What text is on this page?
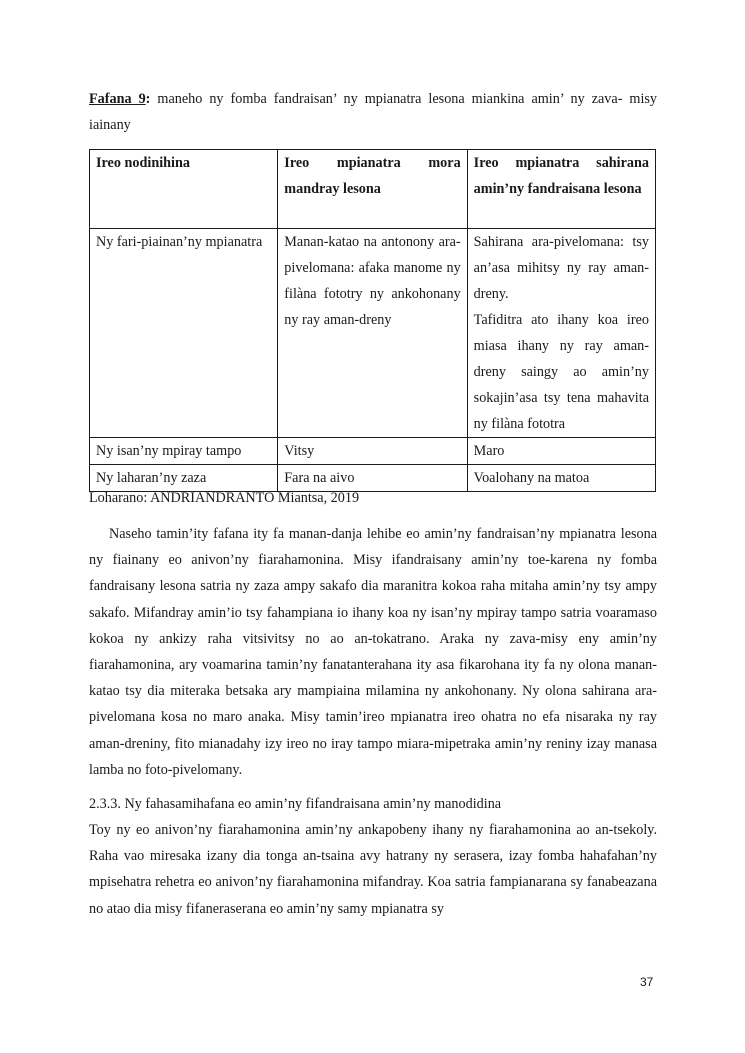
Fafana 9: maneho ny fomba fandraisan’ ny mpianatra lesona miankina amin’ ny zava- misy iainany
Ireo nodinihina	Ireo mpianatra mora mandray lesona	Ireo mpianatra sahirana amin’ny fandraisana lesona
Ny fari-piainan’ny mpianatra	Manan-katao na antonony ara-pivelomana: afaka manome ny filàna fototry ny ankohonany ny ray aman-dreny	Sahirana ara-pivelomana: tsy an’asa mihitsy ny ray aman-dreny.
Tafiditra ato ihany koa ireo miasa ihany ny ray aman-dreny saingy ao amin’ny sokajin’asa tsy tena mahavita ny filàna fototra

Ny isan’ny mpiray tampo	Vitsy	Maro
Ny laharan’ny zaza	Fara na aivo	Voalohany na matoa
Loharano: ANDRIANDRANTO Miantsa, 2019

Naseho tamin’ity fafana ity fa manan-danja lehibe eo amin’ny fandraisan’ny mpianatra lesona ny fiainany eo anivon’ny fiarahamonina. Misy ifandraisany amin’ny toe-karena ny fomba fandraisany lesona satria ny zaza ampy sakafo dia maranitra kokoa raha mitaha amin’ny tsy ampy sakafo. Mifandray amin’io tsy fahampiana io ihany koa ny isan’ny mpiray tampo satria voaramaso kokoa ny ankizy raha vitsivitsy no ao an-tokatrano. Araka ny zava-misy eny amin’ny fiarahamonina, ary voamarina tamin’ny fanatanterahana ity asa fikarohana ity fa ny olona manan-katao tsy dia miteraka betsaka ary mampiaina milamina ny ankohonany. Ny olona sahirana ara-pivelomana kosa no maro anaka. Misy tamin’ireo mpianatra ireo ohatra no efa nisaraka ny ray aman-dreniny, fito mianadahy izy ireo no iray tampo miara-mipetraka amin’ny reniny izay manasa lamba no foto-pivelomany.

2.3.3. Ny fahasamihafana eo amin’ny fifandraisana amin’ny manodidina

Toy ny eo anivon’ny fiarahamonina amin’ny ankapobeny ihany ny fiarahamonina ao an-tsekoly. Raha vao miresaka izany dia tonga an-tsaina avy hatrany ny serasera, izay fomba hahafahan’ny mpisehatra rehetra eo anivon’ny fiarahamonina mifandray. Koa satria fampianarana sy fanabeazana no atao dia misy fifaneraserana eo amin’ny samy mpianatra sy

37
